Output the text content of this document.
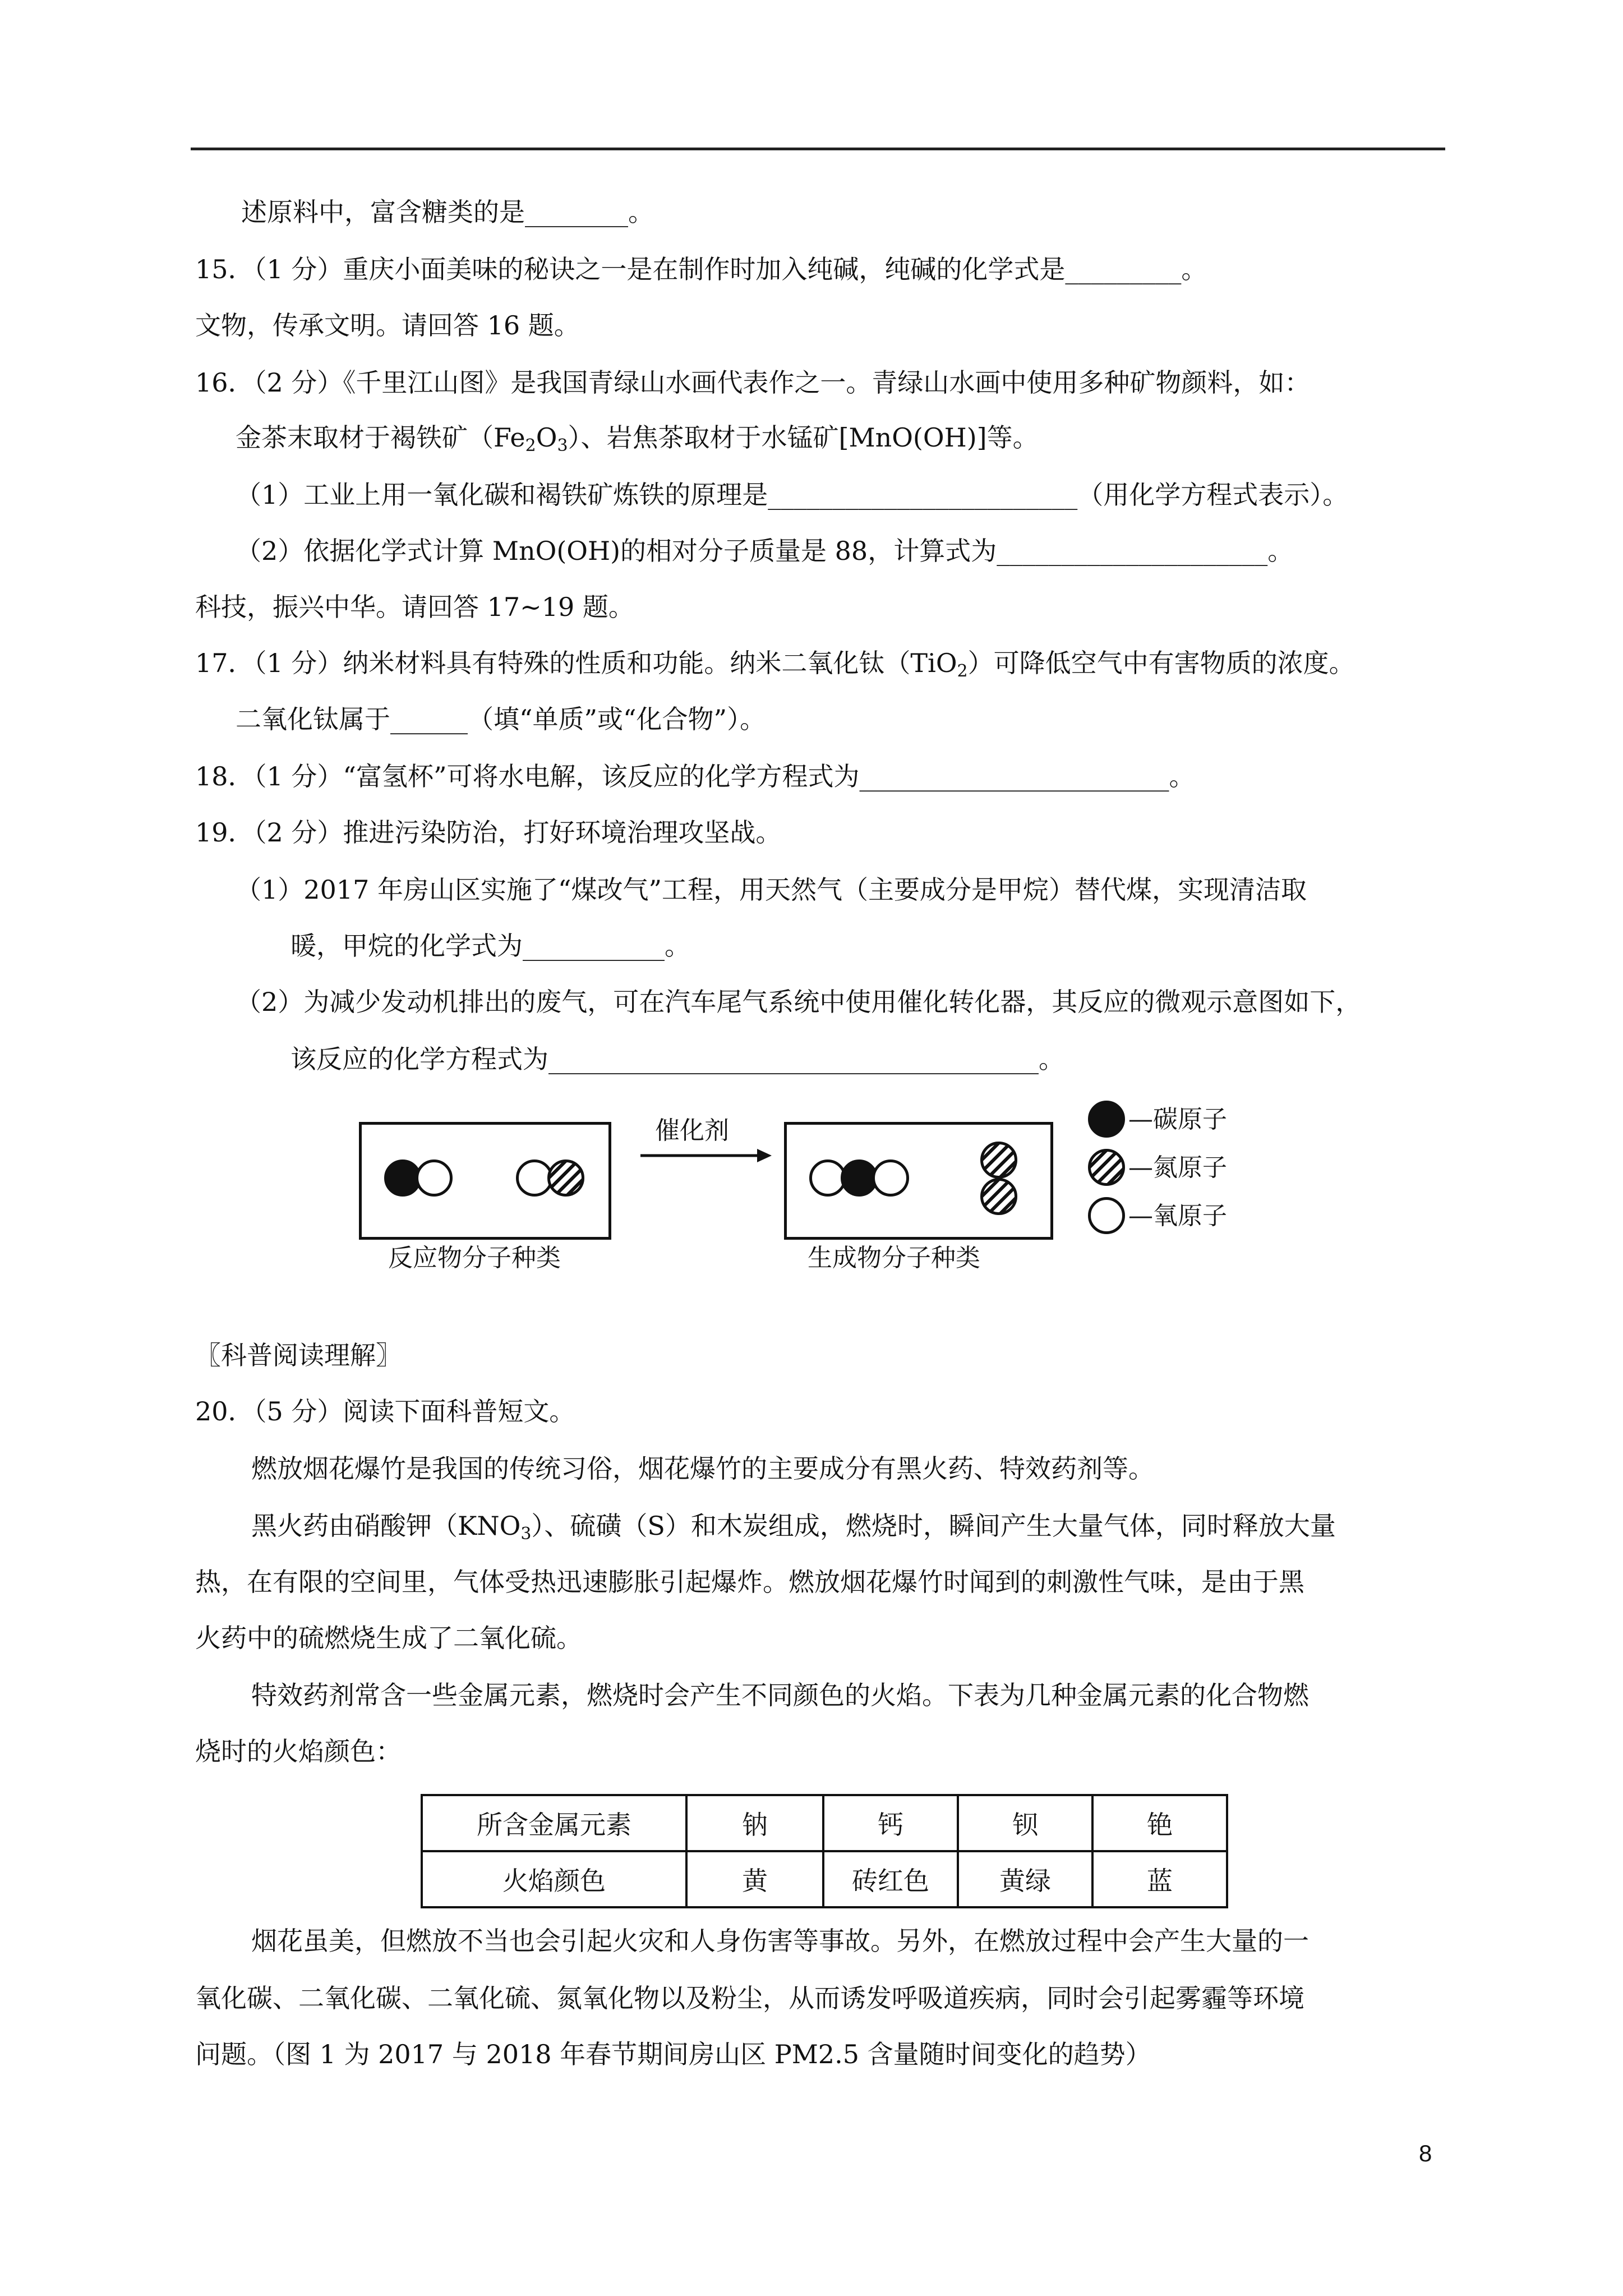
述原料中，富含糖类的是________。
15．（1 分）重庆小面美味的秘诀之一是在制作时加入纯碱，纯碱的化学式是_________。
文物，传承文明。请回答 16 题。
16．（2 分）《千里江山图》是我国青绿山水画代表作之一。青绿山水画中使用多种矿物颜料，如：
金茶末取材于褐铁矿$(Fe_2O_3)$、岩焦茶取材于水锰矿[MnO(OH)]等。
（1）工业上用一氧化碳和褐铁矿炼铁的原理是________________________（用化学方程式表示）。
（2）依据化学式计算 MnO(OH)的相对分子质量是 88，计算式为_____________________。
科技，振兴中华。请回答 17~19 题。
17．（1 分）纳米材料具有特殊的性质和功能。纳米二氧化钛（TiO$_2$）可降低空气中有害物质的浓度。
二氧化钛属于______（填“单质”或“化合物”）。
18．（1 分）“富氢杯”可将水电解，该反应的化学方程式为________________________。
19．（2 分）推进污染防治，打好环境治理攻坚战。
（1）2017 年房山区实施了“煤改气”工程，用天然气（主要成分是甲烷）替代煤，实现清洁取
暖，甲烷的化学式为___________。
（2）为减少发动机排出的废气，可在汽车尾气系统中使用催化转化器，其反应的微观示意图如下，
该反应的化学方程式为______________________________________。
反应物分子种类
催化剂
生成物分子种类
—碳原子
—氮原子
—氧原子
〖科普阅读理解〗
20．（5 分）阅读下面科普短文。
燃放烟花爆竹是我国的传统习俗，烟花爆竹的主要成分有黑火药、特效药剂等。
黑火药由硝酸钾$(KNO_3)$、硫磺（S）和木炭组成，燃烧时，瞬间产生大量气体，同时释放大量
热，在有限的空间里，气体受热迅速膨胀引起爆炸。燃放烟花爆竹时闻到的刺激性气味，是由于黑
火药中的硫燃烧生成了二氧化硫。
特效药剂常含一些金属元素，燃烧时会产生不同颜色的火焰。下表为几种金属元素的化合物燃
烧时的火焰颜色：
所含金属元素	钠	钙	钡	铯
火焰颜色	黄	砖红色	黄绿	蓝
烟花虽美，但燃放不当也会引起火灾和人身伤害等事故。另外，在燃放过程中会产生大量的一
氧化碳、二氧化碳、二氧化硫、氮氧化物以及粉尘，从而诱发呼吸道疾病，同时会引起雾霾等环境
问题。（图 1 为 2017 与 2018 年春节期间房山区 PM2.5 含量随时间变化的趋势）
8
